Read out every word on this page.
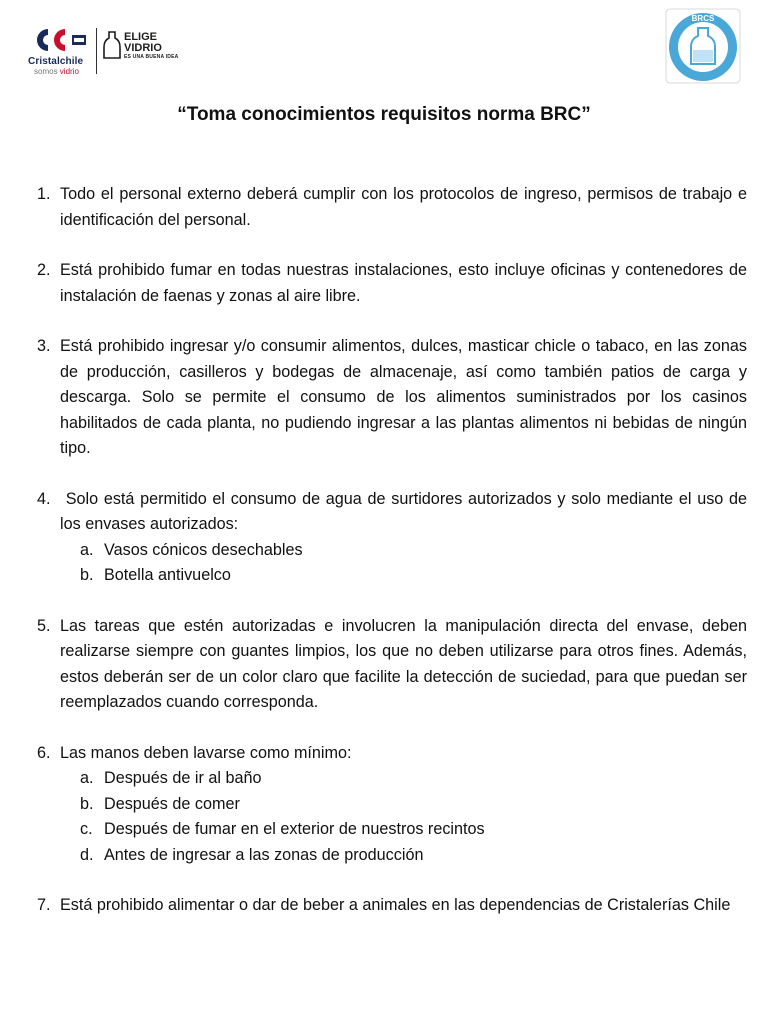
Cristalchile
somos vidrio
ELIGE
VIDRIO
ES UNA BUENA IDEA
BRCS
“Toma conocimientos requisitos norma BRC”
1. Todo el personal externo deberá cumplir con los protocolos de ingreso, permisos de trabajo e identificación del personal.
2. Está prohibido fumar en todas nuestras instalaciones, esto incluye oficinas y contenedores de instalación de faenas y zonas al aire libre.
3. Está prohibido ingresar y/o consumir alimentos, dulces, masticar chicle o tabaco, en las zonas de producción, casilleros y bodegas de almacenaje, así como también patios de carga y descarga. Solo se permite el consumo de los alimentos suministrados por los casinos habilitados de cada planta, no pudiendo ingresar a las plantas alimentos ni bebidas de ningún tipo.
4. Solo está permitido el consumo de agua de surtidores autorizados y solo mediante el uso de los envases autorizados:
a. Vasos cónicos desechables
b. Botella antivuelco
5. Las tareas que estén autorizadas e involucren la manipulación directa del envase, deben realizarse siempre con guantes limpios, los que no deben utilizarse para otros fines. Además, estos deberán ser de un color claro que facilite la detección de suciedad, para que puedan ser reemplazados cuando corresponda.
6. Las manos deben lavarse como mínimo:
a. Después de ir al baño
b. Después de comer
c. Después de fumar en el exterior de nuestros recintos
d. Antes de ingresar a las zonas de producción
7. Está prohibido alimentar o dar de beber a animales en las dependencias de Cristalerías Chile
